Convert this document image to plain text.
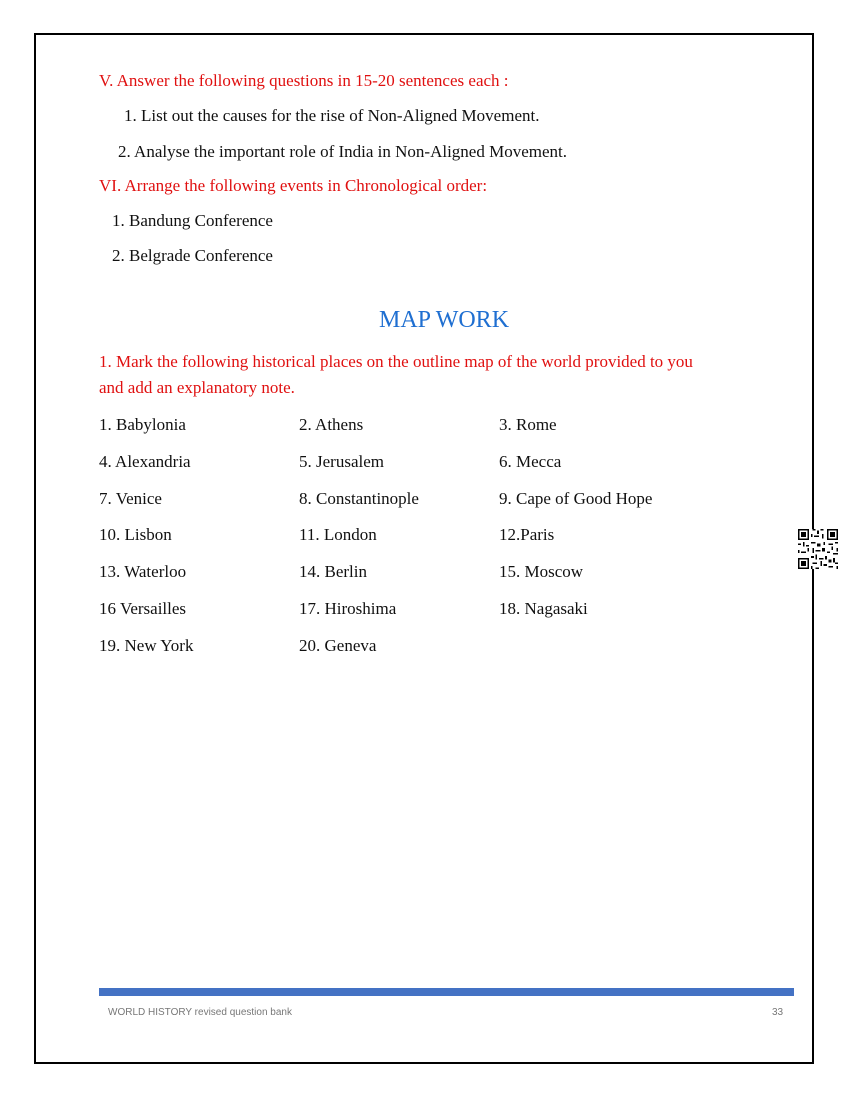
V. Answer the following questions in 15-20 sentences each :
1. List out the causes for the rise of Non-Aligned Movement.
2. Analyse the important role of India in Non-Aligned Movement.
VI. Arrange the following events in Chronological order:
1. Bandung Conference
2. Belgrade Conference
MAP WORK
1. Mark the following historical places on the outline map of the world provided to you
and add an explanatory note.
1. Babylonia	2. Athens	3. Rome
4. Alexandria	5. Jerusalem	6. Mecca
7. Venice	8. Constantinople	9. Cape of Good Hope
10. Lisbon	11. London	12.Paris
13. Waterloo	14. Berlin	15. Moscow
16 Versailles	17. Hiroshima	18. Nagasaki
19. New York	20. Geneva
WORLD HISTORY revised question bank	33
